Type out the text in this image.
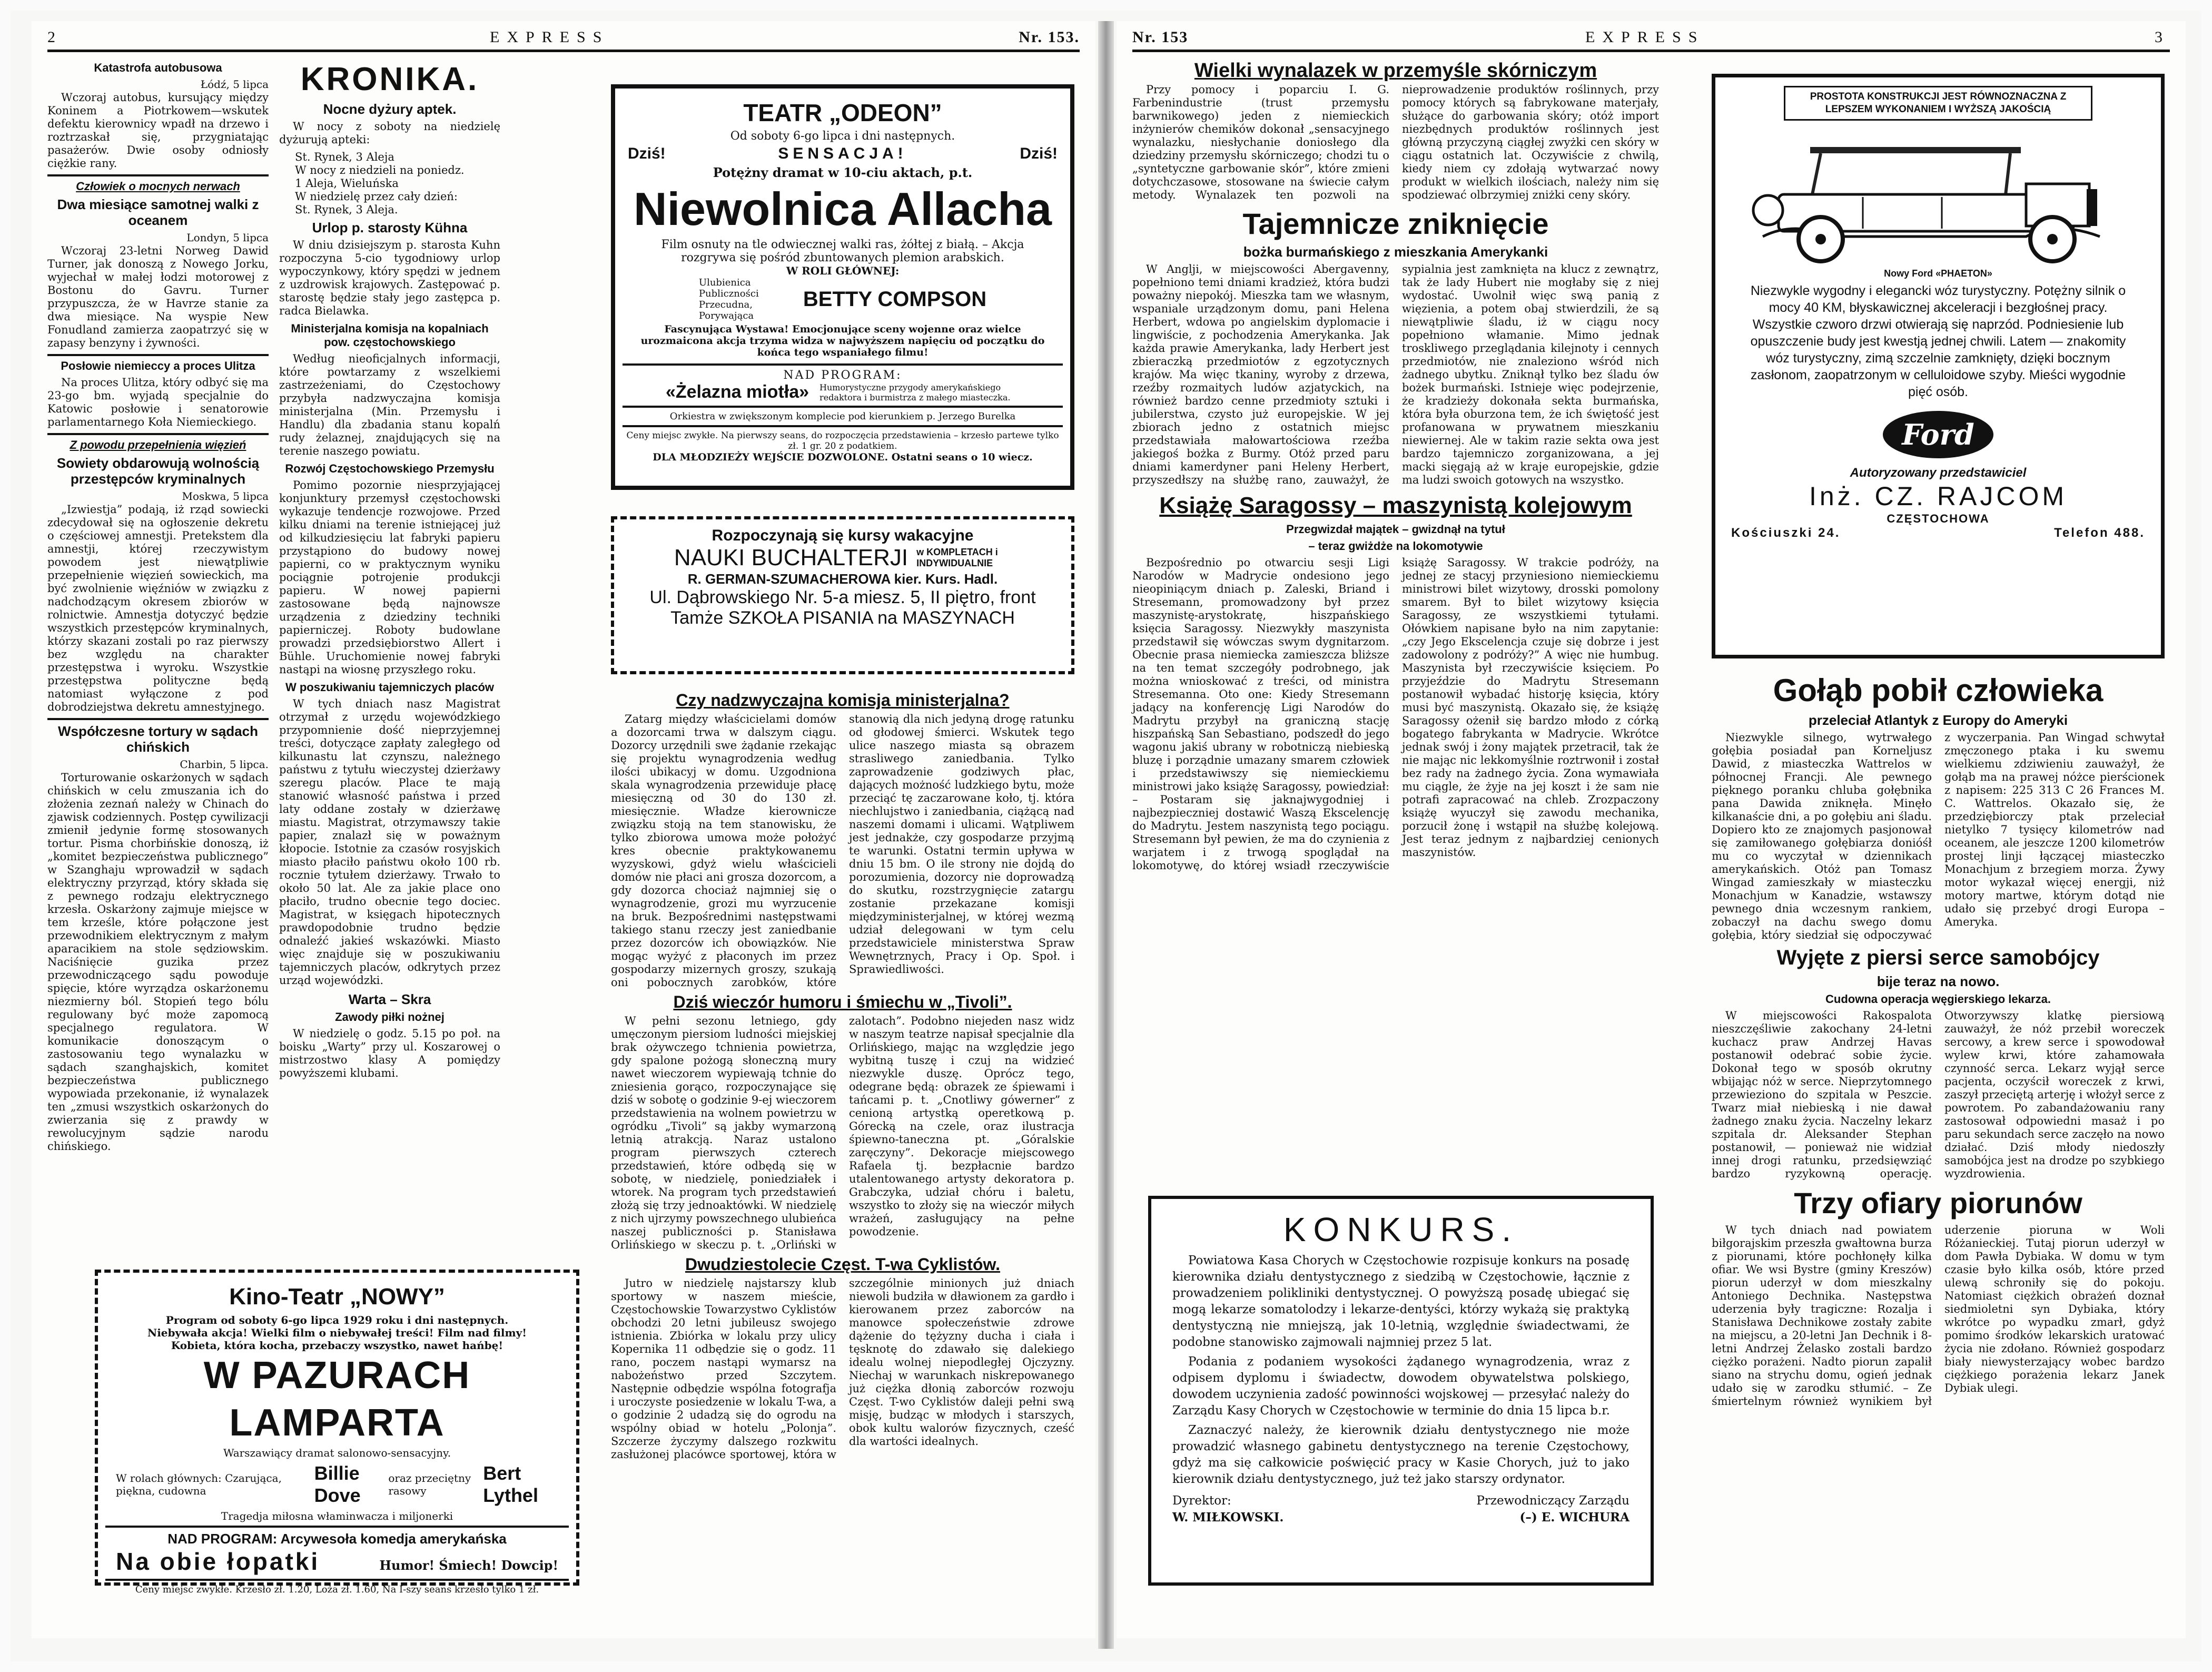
2	EXPRESS	Nr. 153.
Katastrofa autobusowa
Łódź, 5 lipca

Wczoraj autobus, kursujący między Koninem a Piotrkowem—wskutek defektu kierownicy wpadł na drzewo i roztrzaskał się, przygniatając pasażerów. Dwie osoby odniosły ciężkie rany.

Człowiek o mocnych nerwach
Dwa miesiące samotnej walki z oceanem
Londyn, 5 lipca

Wczoraj 23-letni Norweg Dawid Turner, jak donoszą z Nowego Jorku, wyjechał w małej łodzi motorowej z Bostonu do Gavru. Turner przypuszcza, że w Havrze stanie za dwa miesiące. Na wyspie New Fonudland zamierza zaopatrzyć się w zapasy benzyny i żywności.

Posłowie niemieccy a proces Ulitza

Na proces Ulitza, który odbyć się ma 23-go bm. wyjadą specjalnie do Katowic posłowie i senatorowie parlamentarnego Koła Niemieckiego.

Z powodu przepełnienia więzień
Sowiety obdarowują wolnością przestępców kryminalnych
Moskwa, 5 lipca

„Izwiestja” podają, iż rząd sowiecki zdecydował się na ogłoszenie dekretu o częściowej amnestji. Pretekstem dla amnestji, której rzeczywistym powodem jest niewątpliwie przepełnienie więzień sowieckich, ma być zwolnienie więźniów w związku z nadchodzącym okresem zbiorów w rolnictwie. Amnestja dotyczyć będzie wszystkich przestępców kryminalnych, którzy skazani zostali po raz pierwszy bez względu na charakter przestępstwa i wyroku. Wszystkie przestępstwa polityczne będą natomiast wyłączone z pod dobrodziejstwa dekretu amnestyjnego.

Współczesne tortury w sądach chińskich
Charbin, 5 lipca.

Torturowanie oskarżonych w sądach chińskich w celu zmuszania ich do złożenia zeznań należy w Chinach do zjawisk codziennych. Postęp cywilizacji zmienił jedynie formę stosowanych tortur. Pisma chorbińskie donoszą, iż „komitet bezpieczeństwa publicznego” w Szanghaju wprowadził w sądach elektryczny przyrząd, który składa się z pewnego rodzaju elektrycznego krzesła. Oskarżony zajmuje miejsce w tem krześle, które połączone jest przewodnikiem elektrycznym z małym aparacikiem na stole sędziowskim. Naciśnięcie guzika przez przewodniczącego sądu powoduje spięcie, które wyrządza oskarżonemu niezmierny ból. Stopień tego bólu regulowany być może zapomocą specjalnego regulatora. W komunikacie donoszącym o zastosowaniu tego wynalazku w sądach szanghajskich, komitet bezpieczeństwa publicznego wypowiada przekonanie, iż wynalazek ten „zmusi wszystkich oskarżonych do zwierzania się z prawdy w rewolucyjnym sądzie narodu chińskiego.

KRONIKA.
Nocne dyżury aptek.

W nocy z soboty na niedzielę dyżurują apteki:

St. Rynek, 3 Aleja
W nocy z niedzieli na poniedz.
1 Aleja, Wieluńska
W niedzielę przez cały dzień:
St. Rynek, 3 Aleja.
Urlop p. starosty Kühna

W dniu dzisiejszym p. starosta Kuhn rozpoczyna 5-cio tygodniowy urlop wypoczynkowy, który spędzi w jednem z uzdrowisk krajowych. Zastępować p. starostę będzie stały jego zastępca p. radca Bielawka.

Ministerjalna komisja na kopalniach pow. częstochowskiego

Według nieoficjalnych informacji, które powtarzamy z wszelkiemi zastrzeżeniami, do Częstochowy przybyła nadzwyczajna komisja ministerjalna (Min. Przemysłu i Handlu) dla zbadania stanu kopalń rudy żelaznej, znajdujących się na terenie naszego powiatu.

Rozwój Częstochowskiego Przemysłu

Pomimo pozornie niesprzyjającej konjunktury przemysł częstochowski wykazuje tendencje rozwojowe. Przed kilku dniami na terenie istniejącej już od kilkudziesięciu lat fabryki papieru przystąpiono do budowy nowej papierni, co w praktycznym wyniku pociągnie potrojenie produkcji papieru. W nowej papierni zastosowane będą najnowsze urządzenia z dziedziny techniki papierniczej. Roboty budowlane prowadzi przedsiębiorstwo Allert i Bühle. Uruchomienie nowej fabryki nastąpi na wiosnę przyszłego roku.

W poszukiwaniu tajemniczych placów

W tych dniach nasz Magistrat otrzymał z urzędu wojewódzkiego przypomnienie dość nieprzyjemnej treści, dotyczące zapłaty zaległego od kilkunastu lat czynszu, należnego państwu z tytułu wieczystej dzierżawy szeregu placów. Place te mają stanowić własność państwa i przed laty oddane zostały w dzierżawę miastu. Magistrat, otrzymawszy takie papier, znalazł się w poważnym kłopocie. Istotnie za czasów rosyjskich miasto płaciło państwu około 100 rb. rocznie tytułem dzierżawy. Trwało to około 50 lat. Ale za jakie place ono płaciło, trudno obecnie tego dociec. Magistrat, w księgach hipotecznych prawdopodobnie trudno będzie odnaleźć jakieś wskazówki. Miasto więc znajduje się w poszukiwaniu tajemniczych placów, odkrytych przez urząd wojewódzki.

Warta – Skra
Zawody piłki nożnej

W niedzielę o godz. 5.15 po poł. na boisku „Warty” przy ul. Koszarowej o mistrzostwo klasy A pomiędzy powyższemi klubami.

Kino-Teatr „NOWY”
Program od soboty 6-go lipca 1929 roku i dni następnych.
Niebywała akcja! Wielki film o niebywałej treści! Film nad filmy!
Kobieta, która kocha, przebaczy wszystko, nawet hańbę!
W PAZURACH LAMPARTA
Warszawiący dramat salonowo-sensacyjny.
W rolach głównych: Czarująca, piękna, cudowna
Billie Dove
oraz przeciętny rasowy
Bert Lythel
Tragedja miłosna właminwacza i miljonerki
NAD PROGRAM: Arcywesoła komedja amerykańska
Na obie łopatki	Humor! Śmiech! Dowcip!
Ceny miejsc zwykłe. Krzesło zł. 1.20, Loża zł. 1.60, Na I-szy seans krzesło tylko 1 zł.
TEATR „ODEON”
Od soboty 6-go lipca i dni następnych.
Dziś!	SENSACJA!	Dziś!
Potężny dramat w 10-ciu aktach, p.t.
Niewolnica Allacha
Film osnuty na tle odwiecznej walki ras, żółtej z białą. – Akcja rozgrywa się pośród zbuntowanych plemion arabskich.
W ROLI GŁÓWNEJ:
Ulubienica Publiczności Przecudna, Porywająca
BETTY COMPSON
Fascynująca Wystawa! Emocjonujące sceny wojenne oraz wielce urozmaicona akcja trzyma widza w najwyższem napięciu od początku do końca tego wspaniałego filmu!
NAD PROGRAM:
«Żelazna miotła» Humorystyczne przygody amerykańskiego redaktora i burmistrza z małego miasteczka.
Orkiestra w zwiększonym komplecie pod kierunkiem p. Jerzego Burelka
Ceny miejsc zwykłe. Na pierwszy seans, do rozpoczęcia przedstawienia – krzesło partewe tylko zł. 1 gr. 20 z podatkiem.
DLA MŁODZIEŻY WEJŚCIE DOZWOLONE. Ostatni seans o 10 wiecz.
Rozpoczynają się kursy wakacyjne
NAUKI BUCHALTERJI w KOMPLETACH i INDYWIDUALNIE
R. GERMAN-SZUMACHEROWA kier. Kurs. Hadl.
Ul. Dąbrowskiego Nr. 5-a miesz. 5, II piętro, front
Tamże SZKOŁA PISANIA na MASZYNACH
Czy nadzwyczajna komisja ministerjalna?

Zatarg między właścicielami domów a dozorcami trwa w dalszym ciągu. Dozorcy urzędnili swe żądanie rzekając się projektu wynagrodzenia według ilości ubikacyj w domu. Uzgodniona skala wynagrodzenia przewiduje płacę miesięczną od 30 do 130 zł. miesięcznie. Władze kierownicze związku stoją na tem stanowisku, że tylko zbiorowa umowa może położyć kres obecnie praktykowanemu wyzyskowi, gdyż wielu właścicieli domów nie płaci ani grosza dozorcom, a gdy dozorca chociaż najmniej się o wynagrodzenie, grozi mu wyrzucenie na bruk. Bezpośrednimi następstwami takiego stanu rzeczy jest zaniedbanie przez dozorców ich obowiązków. Nie mogąc wyżyć z płaconych im przez gospodarzy mizernych groszy, szukają oni pobocznych zarobków, które stanowią dla nich jedyną drogę ratunku od głodowej śmierci. Wskutek tego ulice naszego miasta są obrazem strasliwego zaniedbania. Tylko zaprowadzenie godziwych płac, dających możność ludzkiego bytu, może przeciąć tę zaczarowane koło, tj. która niechlujstwo i zaniedbania, ciążącą nad naszemi domami i ulicami. Wątpliwem jest jednakże, czy gospodarze przyjmą te warunki. Ostatni termin upływa w dniu 15 bm. O ile strony nie dojdą do porozumienia, dozorcy nie doprowadzą do skutku, rozstrzygnięcie zatargu zostanie przekazane komisji międzyministerjalnej, w której wezmą udział delegowani w tym celu przedstawiciele ministerstwa Spraw Wewnętrznych, Pracy i Op. Społ. i Sprawiedliwości.

Dziś wieczór humoru i śmiechu w „Tivoli”.

W pełni sezonu letniego, gdy umęczonym piersiom ludności miejskiej brak ożywczego tchnienia powietrza, gdy spalone pożogą słoneczną mury nawet wieczorem wypiewają tchnie do zniesienia gorąco, rozpoczynające się dziś w sobotę o godzinie 9-ej wieczorem przedstawienia na wolnem powietrzu w ogródku „Tivoli” są jakby wymarzoną letnią atrakcją. Naraz ustalono program pierwszych czterech przedstawień, które odbędą się w sobotę, w niedzielę, poniedziałek i wtorek. Na program tych przedstawień złożą się trzy jednoaktówki. W niedzielę z nich ujrzymy powszechnego ulubieńca naszej publiczności p. Stanisława Orlińskiego w skeczu p. t. „Orliński w zalotach”. Podobno niejeden nasz widz w naszym teatrze napisał specjalnie dla Orlińskiego, mając na względzie jego wybitną tuszę i czuj na widzieć niezwykle duszę. Oprócz tego, odegrane będą: obrazek ze śpiewami i tańcami p. t. „Cnotliwy gówerner” z cenioną artystką operetkową p. Górecką na czele, oraz ilustracja śpiewno-taneczna pt. „Góralskie zaręczyny”. Dekoracje miejscowego Rafaela tj. bezpłacnie bardzo utalentowanego artysty dekoratora p. Grabczyka, udział chóru i baletu, wszystko to złoży się na wieczór miłych wrażeń, zasługujący na pełne powodzenie.

Dwudziestolecie Częst. T-wa Cyklistów.

Jutro w niedzielę najstarszy klub sportowy w naszem mieście, Częstochowskie Towarzystwo Cyklistów obchodzi 20 letni jubileusz swojego istnienia. Zbiórka w lokalu przy ulicy Kopernika 11 odbędzie się o godz. 11 rano, poczem nastąpi wymarsz na nabożeństwo przed Szczytem. Następnie odbędzie wspólna fotografja i uroczyste posiedzenie w lokalu T-wa, a o godzinie 2 udadzą się do ogrodu na wspólny obiad w hotelu „Polonja”. Szczerze życzymy dalszego rozkwitu zasłużonej placówce sportowej, która w szczególnie minionych już dniach niewoli budziła w dławionem za gardło i kierowanem przez zaborców na manowce społeczeństwie zdrowe dążenie do tężyzny ducha i ciała i tęsknotę do zdawało się dalekiego idealu wolnej niepodległej Ojczyzny. Niechaj w warunkach niskrepowanego już ciężka dłonią zaborców rozwoju Częst. T-wo Cyklistów daleji pełni swą misję, budząc w młodych i starszych, obok kultu walorów fizycznych, cześć dla wartości idealnych.

Nr. 153	EXPRESS	3
Wielki wynalazek w przemyśle skórniczym

Przy pomocy i poparciu I. G. Farbenindustrie (trust przemysłu barwnikowego) jeden z niemieckich inżynierów chemików dokonał „sensacyjnego wynalazku, niesłychanie doniosłego dla dziedziny przemysłu skórniczego; chodzi tu o „syntetyczne garbowanie skór”, które zmieni dotychczasowe, stosowane na świecie całym metody. Wynalazek ten pozwoli na nieprowadzenie produktów roślinnych, przy pomocy których są fabrykowane materjały, służące do garbowania skóry; otóż import niezbędnych produktów roślinnych jest główną przyczyną ciągłej zwyżki cen skóry w ciągu ostatnich lat. Oczywiście z chwilą, kiedy niem cy zdołają wytwarzać nowy produkt w wielkich ilościach, należy nim się spodziewać olbrzymiej zniżki ceny skóry.

Tajemnicze zniknięcie
bożka burmańskiego z mieszkania Amerykanki

W Anglji, w miejscowości Abergavenny, popełniono temi dniami kradzież, która budzi poważny niepokój. Mieszka tam we własnym, wspaniale urządzonym domu, pani Helena Herbert, wdowa po angielskim dyplomacie i lingwiście, z pochodzenia Amerykanka. Jak każda prawie Amerykanka, lady Herbert jest zbieraczką przedmiotów z egzotycznych krajów. Ma więc tkaniny, wyroby z drzewa, rzeźby rozmaitych ludów azjatyckich, na również bardzo cenne przedmioty sztuki i jubilerstwa, czysto już europejskie. W jej zbiorach jedno z ostatnich miejsc przedstawiała małowartościowa rzeźba jakiegoś bożka z Burmy. Otóż przed paru dniami kamerdyner pani Heleny Herbert, przyszedłszy na służbę rano, zauważył, że sypialnia jest zamknięta na klucz z zewnątrz, tak że lady Hubert nie mogłaby się z niej wydostać. Uwolnił więc swą panią z więzienia, a potem obaj stwierdzili, że są niewątpliwie śladu, iż w ciągu nocy popełniono włamanie. Mimo jednak troskliwego przeglądania kilejnoty i cennych przedmiotów, nie znaleziono wśród nich żadnego ubytku. Zniknął tylko bez śladu ów bożek burmański. Istnieje więc podejrzenie, że kradzieży dokonała sekta burmańska, która była oburzona tem, że ich świętość jest profanowana w prywatnem mieszkaniu niewiernej. Ale w takim razie sekta owa jest bardzo tajemniczo zorganizowana, a jej macki sięgają aż w kraje europejskie, gdzie ma ludzi swoich gotowych na wszystko.

Książę Saragossy – maszynistą kolejowym
Przegwizdał majątek – gwizdnął na tytuł
– teraz gwiżdże na lokomotywie

Bezpośrednio po otwarciu sesji Ligi Narodów w Madrycie ondesiono jego nieopiniącym dniach p. Zaleski, Briand i Stresemann, promowadzony był przez maszynistę-arystokratę, hiszpańskiego księcia Saragossy. Niezwykły maszynista przedstawił się wówczas swym dygnitarzom. Obecnie prasa niemiecka zamieszcza bliższe na ten temat szczegóły podrobnego, jak można wnioskować z treści, od ministra Stresemanna. Oto one: Kiedy Stresemann jadący na konferencję Ligi Narodów do Madrytu przybył na graniczną stację hiszpańską San Sebastiano, podszedł do jego wagonu jakiś ubrany w robotniczą niebieską bluzę i porządnie umazany smarem człowiek i przedstawiwszy się niemieckiemu ministrowi jako książę Saragossy, powiedział: – Postaram się jaknajwygodniej i najbezpieczniej dostawić Waszą Ekscelencję do Madrytu. Jestem naszynistą tego pociągu. Stresemann był pewien, że ma do czynienia z warjatem i z trwogą spoglądał na lokomotywę, do której wsiadł rzeczywiście książę Saragossy. W trakcie podróży, na jednej ze stacyj przyniesiono niemieckiemu ministrowi bilet wizytowy, drosski pomolony smarem. Był to bilet wizytowy księcia Saragossy, ze wszystkiemi tytułami. Ołówkiem napisane było na nim zapytanie: „czy Jego Ekscelencja czuje się dobrze i jest zadowolony z podróży?” A więc nie humbug. Maszynista był rzeczywiście księciem. Po przyjeździe do Madrytu Stresemann postanowił wybadać historję księcia, który musi być maszynistą. Okazało się, że książę Saragossy ożenił się bardzo młodo z córką bogatego fabrykanta w Madrycie. Wkrótce jednak swój i żony majątek przetracił, tak że nie mając nic lekkomyślnie roztrwonił i został bez rady na żadnego życia. Zona wymawiała mu ciągle, że żyje na jej koszt i że sam nie potrafi zapracować na chleb. Zrozpaczony książę wyuczył się zawodu mechanika, porzucił żonę i wstąpił na służbę kolejową. Jest teraz jednym z najbardziej cenionych maszynistów.

KONKURS.

Powiatowa Kasa Chorych w Częstochowie rozpisuje konkurs na posadę kierownika działu dentystycznego z siedzibą w Częstochowie, łącznie z prowadzeniem polikliniki dentystycznej. O powyższą posadę ubiegać się mogą lekarze somatolodzy i lekarze-dentyści, którzy wykażą się praktyką dentystyczną nie mniejszą, jak 10-letnią, względnie świadectwami, że podobne stanowisko zajmowali najmniej przez 5 lat.

Podania z podaniem wysokości żądanego wynagrodzenia, wraz z odpisem dyplomu i świadectw, dowodem obywatelstwa polskiego, dowodem uczynienia zadość powinności wojskowej — przesyłać należy do Zarządu Kasy Chorych w Częstochowie w terminie do dnia 15 lipca b.r.

Zaznaczyć należy, że kierownik działu dentystycznego nie może prowadzić własnego gabinetu dentystycznego na terenie Częstochowy, gdyż ma się całkowicie poświęcić pracy w Kasie Chorych, już to jako kierownik działu dentystycznego, już też jako starszy ordynator.

Dyrektor:
W. MIŁKOWSKI.
Przewodniczący Zarządu
(–) E. WICHURA
PROSTOTA KONSTRUKCJI JEST RÓWNOZNACZNA Z LEPSZEM WYKONANIEM I WYŻSZĄ JAKOŚCIĄ
Nowy Ford «PHAETON»
Niezwykle wygodny i elegancki wóz turystyczny. Potężny silnik o mocy 40 KM, błyskawicznej akceleracji i bezgłośnej pracy. Wszystkie czworo drzwi otwierają się naprzód. Podniesienie lub opuszczenie budy jest kwestją jednej chwili. Latem — znakomity wóz turystyczny, zimą szczelnie zamknięty, dzięki bocznym zasłonom, zaopatrzonym w celluloidowe szyby. Mieści wygodnie pięć osób.
Ford
Autoryzowany przedstawiciel
Inż. CZ. RAJCOM
CZĘSTOCHOWA
Kościuszki 24.	Telefon 488.
Gołąb pobił człowieka
przeleciał Atlantyk z Europy do Ameryki

Niezwykle silnego, wytrwałego gołębia posiadał pan Korneljusz Dawid, z miasteczka Wattrelos w północnej Francji. Ale pewnego pięknego poranku chluba gołębnika pana Dawida zniknęła. Minęło kilkanaście dni, a po gołębiu ani śladu. Dopiero kto ze znajomych pasjonował się zamiłowanego gołębiarza donióśł mu co wyczytał w dziennikach amerykańskich. Otóż pan Tomasz Wingad zamieszkały w miasteczku Monachjum w Kanadzie, wstawszy pewnego dnia wczesnym rankiem, zobaczył na dachu swego domu gołębia, który siedział się odpoczywać z wyczerpania. Pan Wingad schwytał zmęczonego ptaka i ku swemu wielkiemu zdziwieniu zauważył, że gołąb ma na prawej nóżce pierścionek z napisem: 225 313 C 26 Frances M. C. Wattrelos. Okazało się, że przedziębiorczy ptak przeleciał nietylko 7 tysięcy kilometrów nad oceanem, ale jeszcze 1200 kilometrów prostej linji łączącej miasteczko Monachjum z brzegiem morza. Żywy motor wykazał więcej energji, niż motory martwe, którym dotąd nie udało się przebyć drogi Europa – Ameryka.

Wyjęte z piersi serce samobójcy
bije teraz na nowo.
Cudowna operacja węgierskiego lekarza.

W miejscowości Rakospalota nieszczęśliwie zakochany 24-letni kuchacz praw Andrzej Havas postanowił odebrać sobie życie. Dokonał tego w sposób okrutny wbijając nóż w serce. Nieprzytomnego przewieziono do szpitala w Peszcie. Twarz miał niebieską i nie dawał żadnego znaku życia. Naczelny lekarz szpitala dr. Aleksander Stephan postanowił, — ponieważ nie widział innej drogi ratunku, przedsięwziąć bardzo ryzykowną operację. Otworzywszy klatkę piersiową zauważył, że nóż przebił woreczek sercowy, a krew serce i spowodował wylew krwi, które zahamowała czynność serca. Lekarz wyjął serce pacjenta, oczyścił woreczek z krwi, zaszył przeciętą arterję i włożył serce z powrotem. Po zabandażowaniu rany zastosował odpowiedni masaż i po paru sekundach serce zaczęło na nowo działać. Dziś młody niedoszły samobójca jest na drodze po szybkiego wyzdrowienia.

Trzy ofiary piorunów

W tych dniach nad powiatem biłgorajskim przeszła gwałtowna burza z piorunami, które pochłonęły kilka ofiar. We wsi Bystre (gminy Kreszów) piorun uderzył w dom mieszkalny Antoniego Dechnika. Następstwa uderzenia były tragiczne: Rozalja i Stanisława Dechnikowe zostały zabite na miejscu, a 20-letni Jan Dechnik i 8-letni Andrzej Żelasko zostali bardzo ciężko porażeni. Nadto piorun zapalił siano na strychu domu, ogień jednak udało się w zarodku stłumić. – Ze śmiertelnym również wynikiem był uderzenie pioruna w Woli Różanieckiej. Tutaj piorun uderzył w dom Pawła Dybiaka. W domu w tym czasie było kilka osób, które przed ulewą schroniły się do pokoju. Natomiast ciężkich obrażeń doznał siedmioletni syn Dybiaka, który wkrótce po wypadku zmarł, gdyż pomimo środków lekarskich uratować życia nie zdołano. Również gospodarz biały niewysterzający wobec bardzo ciężkiego porażenia lekarz Janek Dybiak ulegi.
